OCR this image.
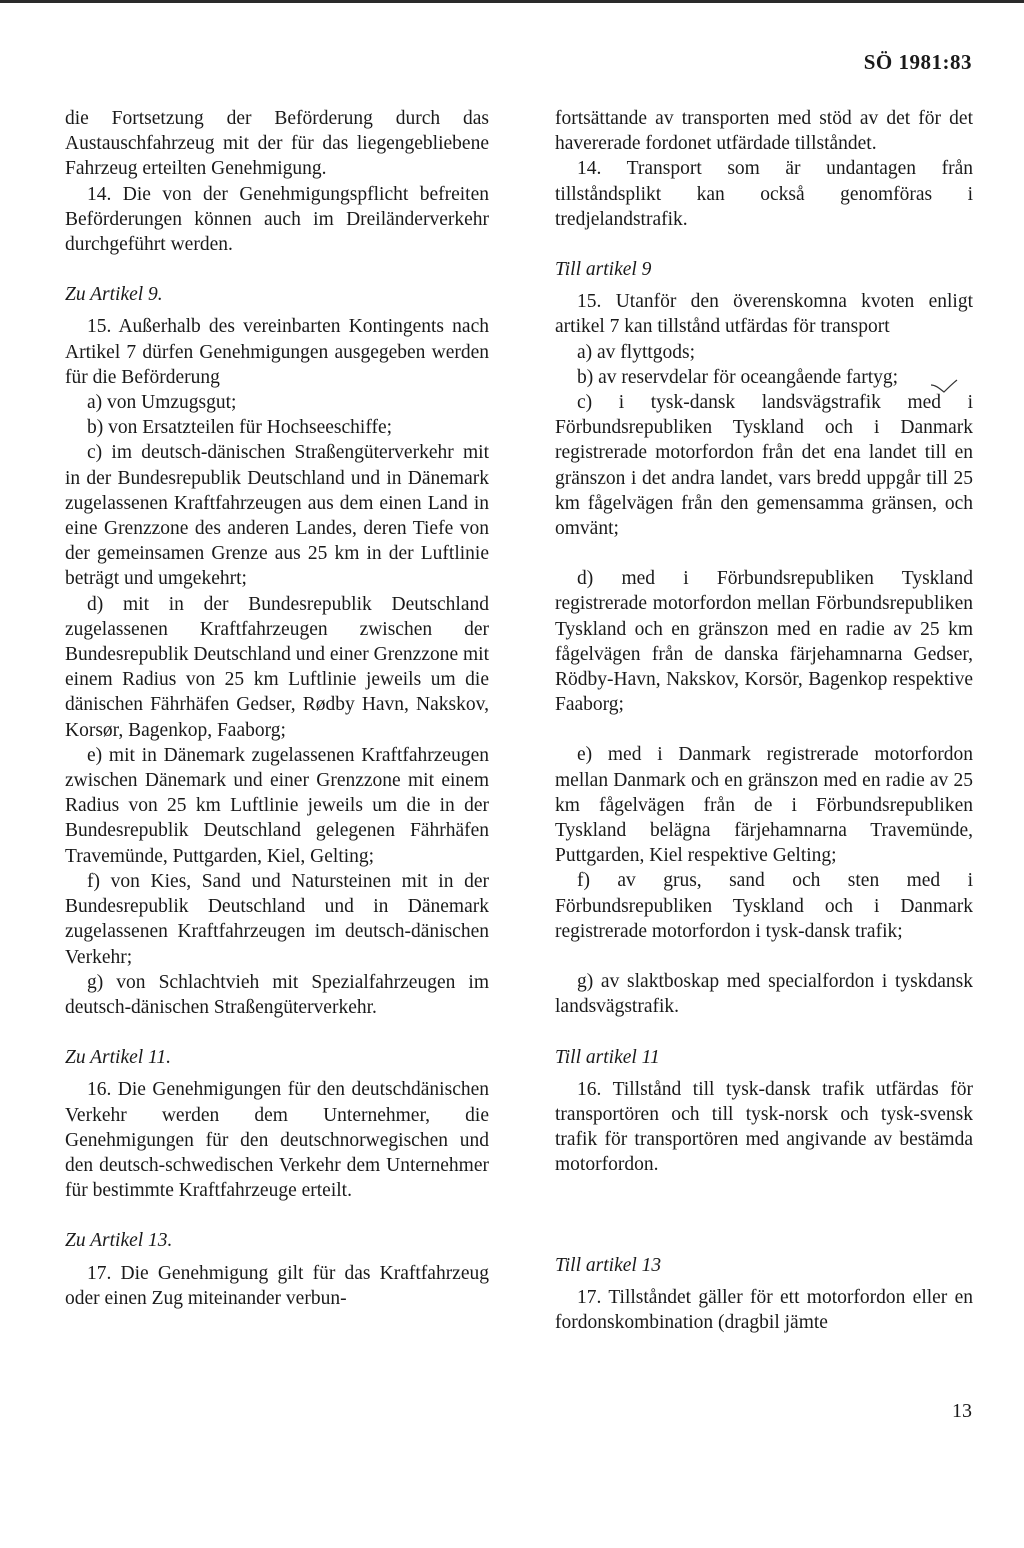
SÖ 1981:83

die Fortsetzung der Beförderung durch das Austauschfahrzeug mit der für das liegengebliebene Fahrzeug erteilten Genehmigung.

14. Die von der Genehmigungspflicht befreiten Beförderungen können auch im Dreiländerverkehr durchgeführt werden.

Zu Artikel 9.

15. Außerhalb des vereinbarten Kontingents nach Artikel 7 dürfen Genehmigungen ausgegeben werden für die Beförderung

a) von Umzugsgut;

b) von Ersatzteilen für Hochseeschiffe;

c) im deutsch-dänischen Straßengüterverkehr mit in der Bundesrepublik Deutschland und in Dänemark zugelassenen Kraftfahrzeugen aus dem einen Land in eine Grenzzone des anderen Landes, deren Tiefe von der gemeinsamen Grenze aus 25 km in der Luftlinie beträgt und umgekehrt;

d) mit in der Bundesrepublik Deutschland zugelassenen Kraftfahrzeugen zwischen der Bundesrepublik Deutschland und einer Grenzzone mit einem Radius von 25 km Luftlinie jeweils um die dänischen Fährhäfen Gedser, Rødby Havn, Nakskov, Korsør, Bagenkop, Faaborg;

e) mit in Dänemark zugelassenen Kraftfahrzeugen zwischen Dänemark und einer Grenzzone mit einem Radius von 25 km Luftlinie jeweils um die in der Bundesrepublik Deutschland gelegenen Fährhäfen Travemünde, Puttgarden, Kiel, Gelting;

f) von Kies, Sand und Natursteinen mit in der Bundesrepublik Deutschland und in Dänemark zugelassenen Kraftfahrzeugen im deutsch-dänischen Verkehr;

g) von Schlachtvieh mit Spezialfahrzeugen im deutsch-dänischen Straßengüterverkehr.

Zu Artikel 11.

16. Die Genehmigungen für den deutschdänischen Verkehr werden dem Unternehmer, die Genehmigungen für den deutschnorwegischen und den deutsch-schwedischen Verkehr dem Unternehmer für bestimmte Kraftfahrzeuge erteilt.

Zu Artikel 13.

17. Die Genehmigung gilt für das Kraftfahrzeug oder einen Zug miteinander verbun-

fortsättande av transporten med stöd av det för det havererade fordonet utfärdade tillståndet.

14. Transport som är undantagen från tillståndsplikt kan också genomföras i tredjelandstrafik.

Till artikel 9

15. Utanför den överenskomna kvoten enligt artikel 7 kan tillstånd utfärdas för transport

a) av flyttgods;

b) av reservdelar för oceangående fartyg;

c) i tysk-dansk landsvägstrafik med i Förbundsrepubliken Tyskland och i Danmark registrerade motorfordon från det ena landet till en gränszon i det andra landet, vars bredd uppgår till 25 km fågelvägen från den gemensamma gränsen, och omvänt;

d) med i Förbundsrepubliken Tyskland registrerade motorfordon mellan Förbundsrepubliken Tyskland och en gränszon med en radie av 25 km fågelvägen från de danska färjehamnarna Gedser, Rödby-Havn, Nakskov, Korsör, Bagenkop respektive Faaborg;

e) med i Danmark registrerade motorfordon mellan Danmark och en gränszon med en radie av 25 km fågelvägen från de i Förbundsrepubliken Tyskland belägna färjehamnarna Travemünde, Puttgarden, Kiel respektive Gelting;

f) av grus, sand och sten med i Förbundsrepubliken Tyskland och i Danmark registrerade motorfordon i tysk-dansk trafik;

g) av slaktboskap med specialfordon i tyskdansk landsvägstrafik.

Till artikel 11

16. Tillstånd till tysk-dansk trafik utfärdas för transportören och till tysk-norsk och tysk-svensk trafik för transportören med angivande av bestämda motorfordon.

Till artikel 13

17. Tillståndet gäller för ett motorfordon eller en fordonskombination (dragbil jämte

13
